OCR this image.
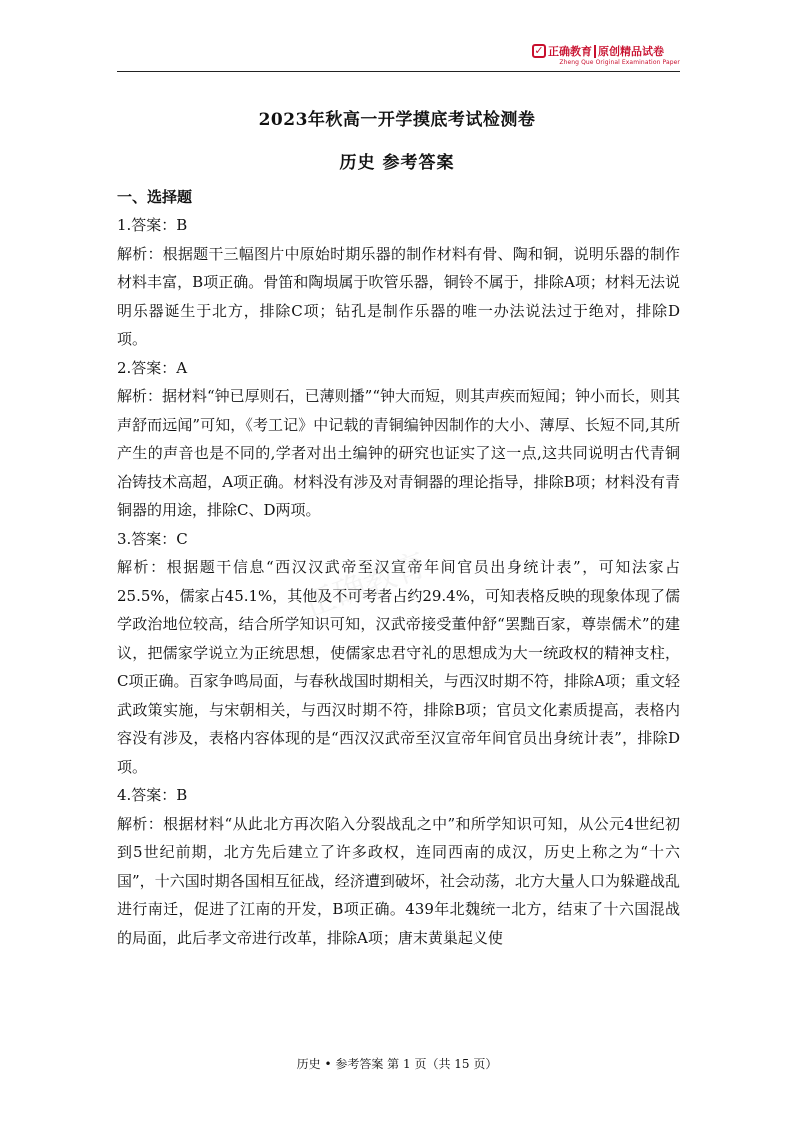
✓ 正确教育 原创精品试卷
Zheng Que Original Examination Paper
2023年秋高一开学摸底考试检测卷
历史 参考答案
正确教育
一、选择题
1.答案：B
解析：根据题干三幅图片中原始时期乐器的制作材料有骨、陶和铜，说明乐器的制作材料丰富，B项正确。骨笛和陶埙属于吹管乐器，铜铃不属于，排除A项；材料无法说明乐器诞生于北方，排除C项；钻孔是制作乐器的唯一办法说法过于绝对，排除D项。
2.答案：A
解析：据材料“钟已厚则石，已薄则播”“钟大而短，则其声疾而短闻；钟小而长，则其声舒而远闻”可知，《考工记》中记载的青铜编钟因制作的大小、薄厚、长短不同,其所产生的声音也是不同的,学者对出土编钟的研究也证实了这一点,这共同说明古代青铜冶铸技术高超，A项正确。材料没有涉及对青铜器的理论指导，排除B项；材料没有青铜器的用途，排除C、D两项。
3.答案：C
解析：根据题干信息“西汉汉武帝至汉宣帝年间官员出身统计表”，可知法家占25.5%，儒家占45.1%，其他及不可考者占约29.4%，可知表格反映的现象体现了儒学政治地位较高，结合所学知识可知，汉武帝接受董仲舒“罢黜百家，尊崇儒术”的建议，把儒家学说立为正统思想，使儒家忠君守礼的思想成为大一统政权的精神支柱，C项正确。百家争鸣局面，与春秋战国时期相关，与西汉时期不符，排除A项；重文轻武政策实施，与宋朝相关，与西汉时期不符，排除B项；官员文化素质提高，表格内容没有涉及，表格内容体现的是“西汉汉武帝至汉宣帝年间官员出身统计表”，排除D项。
4.答案：B
解析：根据材料“从此北方再次陷入分裂战乱之中”和所学知识可知，从公元4世纪初到5世纪前期，北方先后建立了许多政权，连同西南的成汉，历史上称之为“十六国”，十六国时期各国相互征战，经济遭到破坏，社会动荡，北方大量人口为躲避战乱进行南迁，促进了江南的开发，B项正确。439年北魏统一北方，结束了十六国混战的局面，此后孝文帝进行改革，排除A项；唐末黄巢起义使
历史 • 参考答案 第 1 页（共 15 页）
